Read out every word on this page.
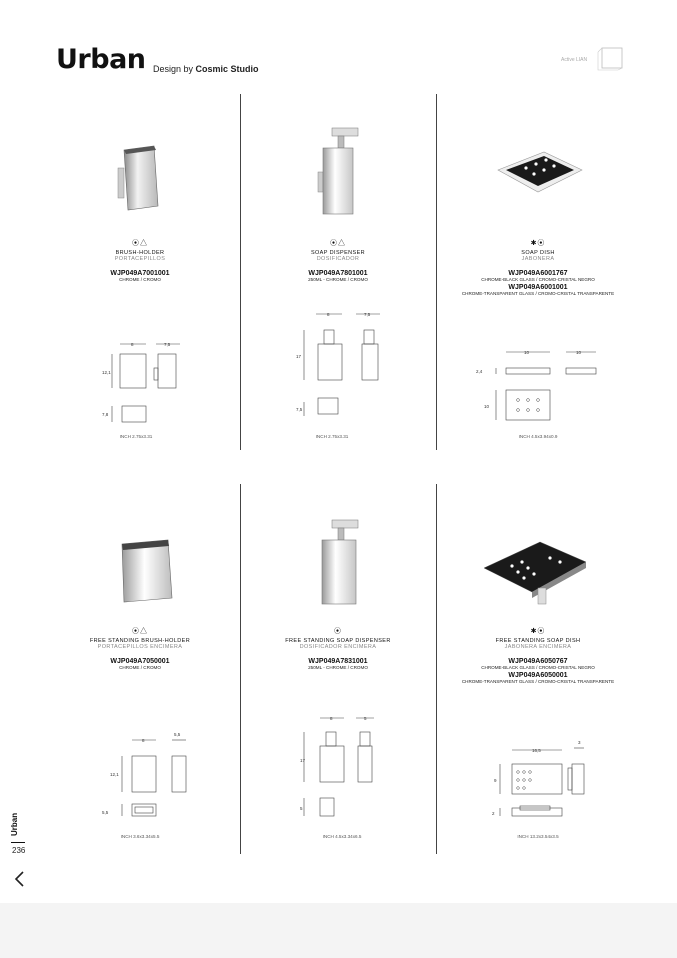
Urban Design by Cosmic Studio
Active LIAN
⦿△
BRUSH-HOLDER
PORTACEPILLOS
WJP049A7001001
CHROME / CROMO
⦿△
SOAP DISPENSER
DOSIFICADOR
WJP049A7801001
250ML - CHROME / CROMO
✱⦿
SOAP DISH
JABONERA
WJP049A6001767
CHROME-BLACK GLASS / CROMO-CRISTAL NEGRO
WJP049A6001001
CHROME-TRANSPARENT GLASS / CROMO-CRISTAL TRANSPARENTE
8	7,5
12,1
7,8
INCH 2.75x3.31
8	7,5
17
7,5
INCH 2.75x3.31
10	10
2,4
10
INCH 4.5x3.94x0.9
⦿△
FREE STANDING BRUSH-HOLDER
PORTACEPILLOS ENCIMERA
WJP049A7050001
CHROME / CROMO
⦿
FREE STANDING SOAP DISPENSER
DOSIFICADOR ENCIMERA
WJP049A7831001
250ML - CHROME / CROMO
✱⦿
FREE STANDING SOAP DISH
JABONERA ENCIMERA
WJP049A6050767
CHROME-BLACK GLASS / CROMO-CRISTAL NEGRO
WJP049A6050001
CHROME-TRANSPARENT GLASS / CROMO-CRISTAL TRANSPARENTE
8
5,5
12,1
5,5
INCH 3.6x3.34x5.5
8	5
17
5
INCH 4.5x3.34x6.5
16,5
3
9
2
INCH 13.2x3.54x3.5
Urban
236
